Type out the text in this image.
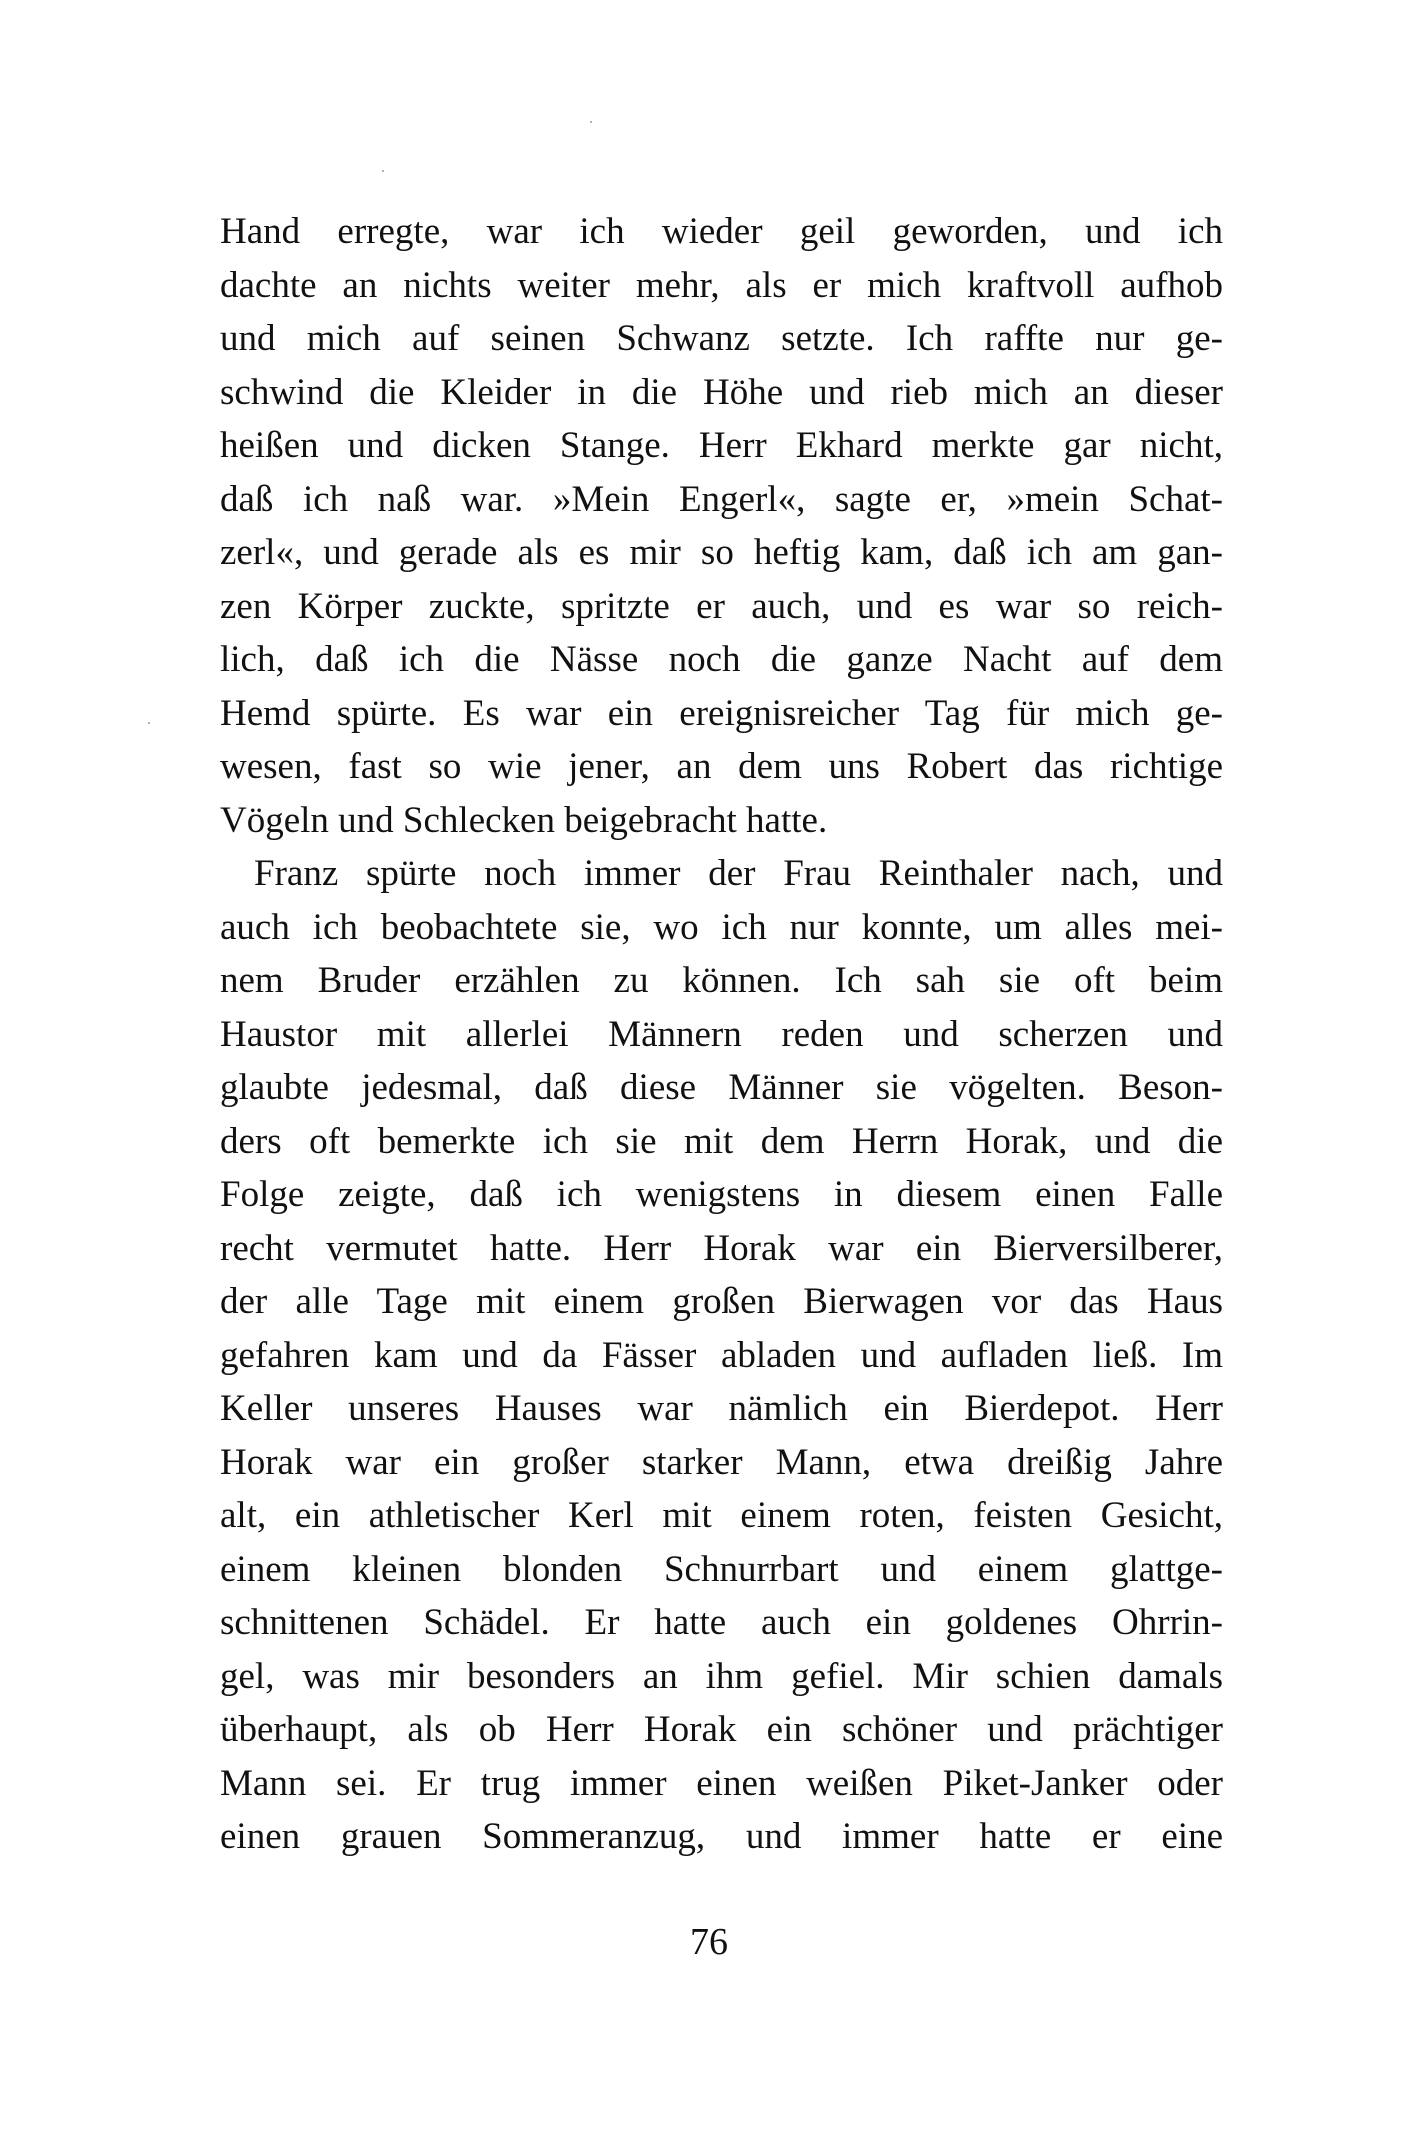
Hand erregte, war ich wieder geil geworden, und ich
dachte an nichts weiter mehr, als er mich kraftvoll aufhob
und mich auf seinen Schwanz setzte. Ich raffte nur ge-
schwind die Kleider in die Höhe und rieb mich an dieser
heißen und dicken Stange. Herr Ekhard merkte gar nicht,
daß ich naß war. »Mein Engerl«, sagte er, »mein Schat-
zerl«, und gerade als es mir so heftig kam, daß ich am gan-
zen Körper zuckte, spritzte er auch, und es war so reich-
lich, daß ich die Nässe noch die ganze Nacht auf dem
Hemd spürte. Es war ein ereignisreicher Tag für mich ge-
wesen, fast so wie jener, an dem uns Robert das richtige
Vögeln und Schlecken beigebracht hatte.
Franz spürte noch immer der Frau Reinthaler nach, und
auch ich beobachtete sie, wo ich nur konnte, um alles mei-
nem Bruder erzählen zu können. Ich sah sie oft beim
Haustor mit allerlei Männern reden und scherzen und
glaubte jedesmal, daß diese Männer sie vögelten. Beson-
ders oft bemerkte ich sie mit dem Herrn Horak, und die
Folge zeigte, daß ich wenigstens in diesem einen Falle
recht vermutet hatte. Herr Horak war ein Bierversilberer,
der alle Tage mit einem großen Bierwagen vor das Haus
gefahren kam und da Fässer abladen und aufladen ließ. Im
Keller unseres Hauses war nämlich ein Bierdepot. Herr
Horak war ein großer starker Mann, etwa dreißig Jahre
alt, ein athletischer Kerl mit einem roten, feisten Gesicht,
einem kleinen blonden Schnurrbart und einem glattge-
schnittenen Schädel. Er hatte auch ein goldenes Ohrrin-
gel, was mir besonders an ihm gefiel. Mir schien damals
überhaupt, als ob Herr Horak ein schöner und prächtiger
Mann sei. Er trug immer einen weißen Piket-Janker oder
einen grauen Sommeranzug, und immer hatte er eine
76
